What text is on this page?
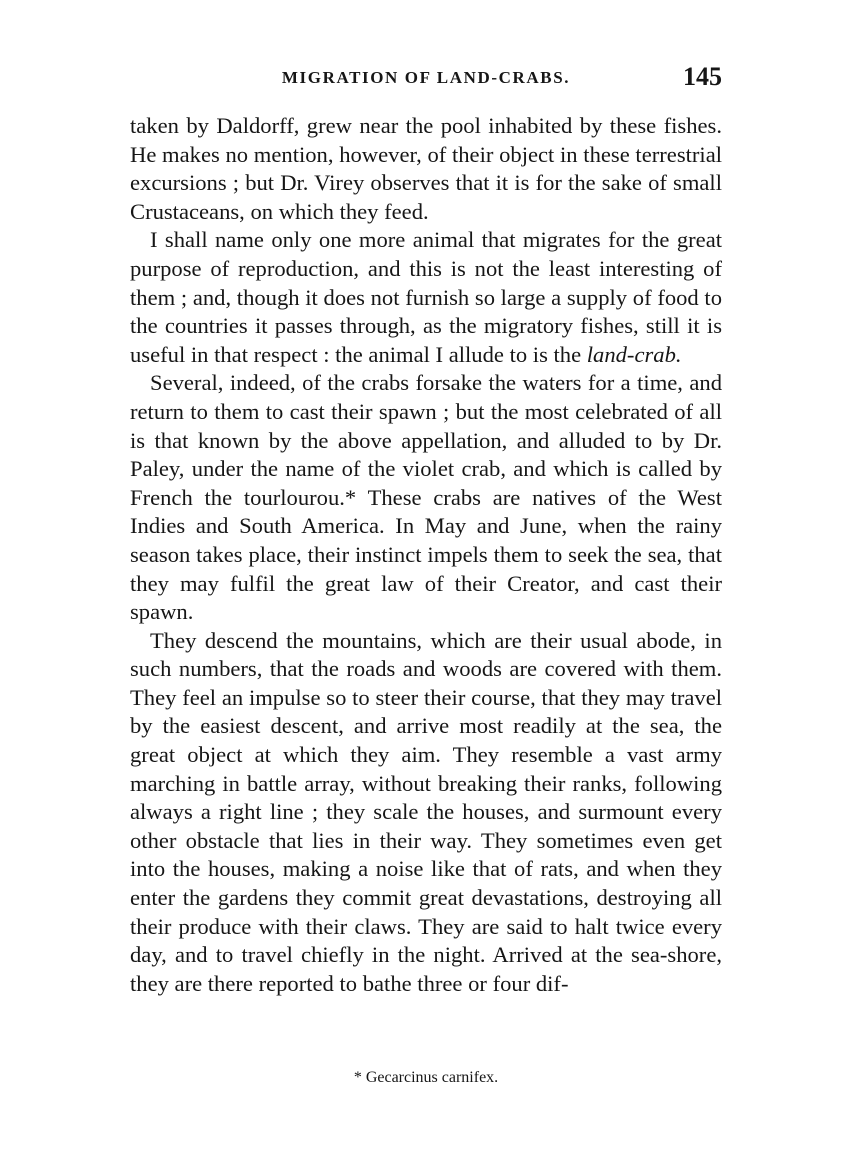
MIGRATION OF LAND-CRABS.	145

taken by Daldorff, grew near the pool inhabited by these fishes. He makes no mention, however, of their object in these terrestrial excursions ; but Dr. Virey observes that it is for the sake of small Crustaceans, on which they feed.

I shall name only one more animal that migrates for the great purpose of reproduction, and this is not the least interesting of them ; and, though it does not furnish so large a supply of food to the countries it passes through, as the migratory fishes, still it is useful in that respect : the animal I allude to is the land-crab.

Several, indeed, of the crabs forsake the waters for a time, and return to them to cast their spawn ; but the most celebrated of all is that known by the above appellation, and alluded to by Dr. Paley, under the name of the violet crab, and which is called by French the tourlourou.* These crabs are natives of the West Indies and South America. In May and June, when the rainy season takes place, their instinct impels them to seek the sea, that they may fulfil the great law of their Creator, and cast their spawn.

They descend the mountains, which are their usual abode, in such numbers, that the roads and woods are covered with them. They feel an impulse so to steer their course, that they may travel by the easiest descent, and arrive most readily at the sea, the great object at which they aim. They resemble a vast army marching in battle array, without breaking their ranks, following always a right line ; they scale the houses, and surmount every other obstacle that lies in their way. They sometimes even get into the houses, making a noise like that of rats, and when they enter the gardens they commit great devastations, destroying all their produce with their claws. They are said to halt twice every day, and to travel chiefly in the night. Arrived at the sea-shore, they are there reported to bathe three or four dif-

* Gecarcinus carnifex.
